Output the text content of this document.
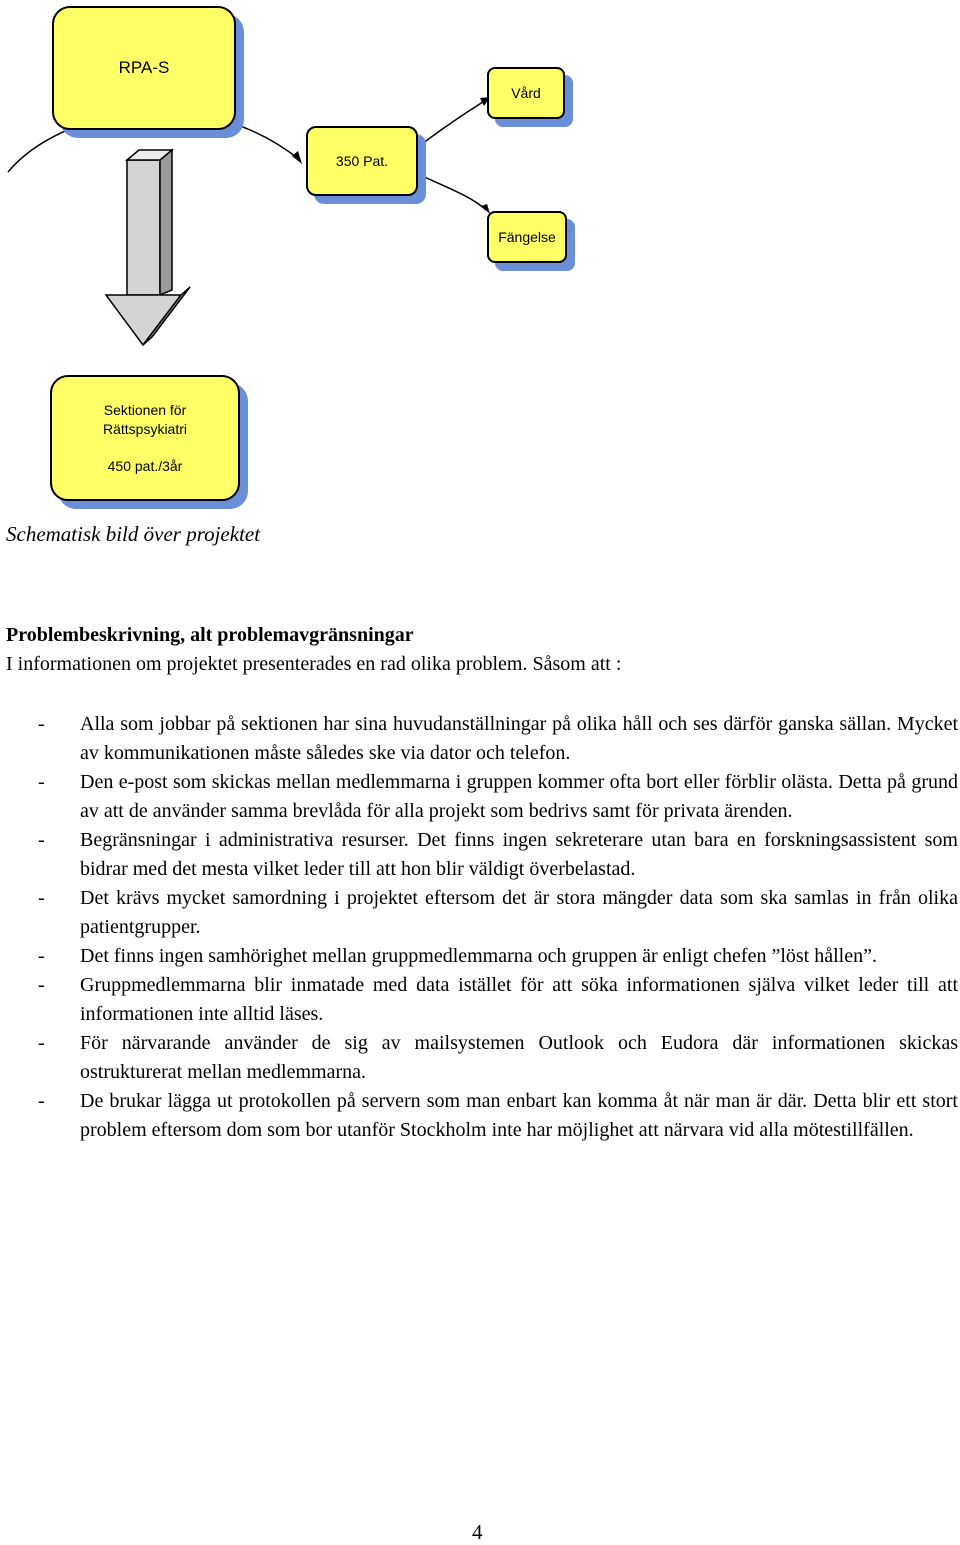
RPA-S
Vård
350 Pat.
Fängelse
Sektionen för
Rättspsykiatri
450 pat./3år
Schematisk bild över projektet
Problembeskrivning, alt problemavgränsningar
I informationen om projektet presenterades en rad olika problem. Såsom att :
- Alla som jobbar på sektionen har sina huvudanställningar på olika håll och ses därför ganska sällan. Mycket av kommunikationen måste således ske via dator och telefon.
- Den e-post som skickas mellan medlemmarna i gruppen kommer ofta bort eller förblir olästa. Detta på grund av att de använder samma brevlåda för alla projekt som bedrivs samt för privata ärenden.
- Begränsningar i administrativa resurser. Det finns ingen sekreterare utan bara en forskningsassistent som bidrar med det mesta vilket leder till att hon blir väldigt överbelastad.
- Det krävs mycket samordning i projektet eftersom det är stora mängder data som ska samlas in från olika patientgrupper.
- Det finns ingen samhörighet mellan gruppmedlemmarna och gruppen är enligt chefen ”löst hållen”.
- Gruppmedlemmarna blir inmatade med data istället för att söka informationen själva vilket leder till att informationen inte alltid läses.
- För närvarande använder de sig av mailsystemen Outlook och Eudora där informationen skickas ostrukturerat mellan medlemmarna.
- De brukar lägga ut protokollen på servern som man enbart kan komma åt när man är där. Detta blir ett stort problem eftersom dom som bor utanför Stockholm inte har möjlighet att närvara vid alla mötestillfällen.
4
